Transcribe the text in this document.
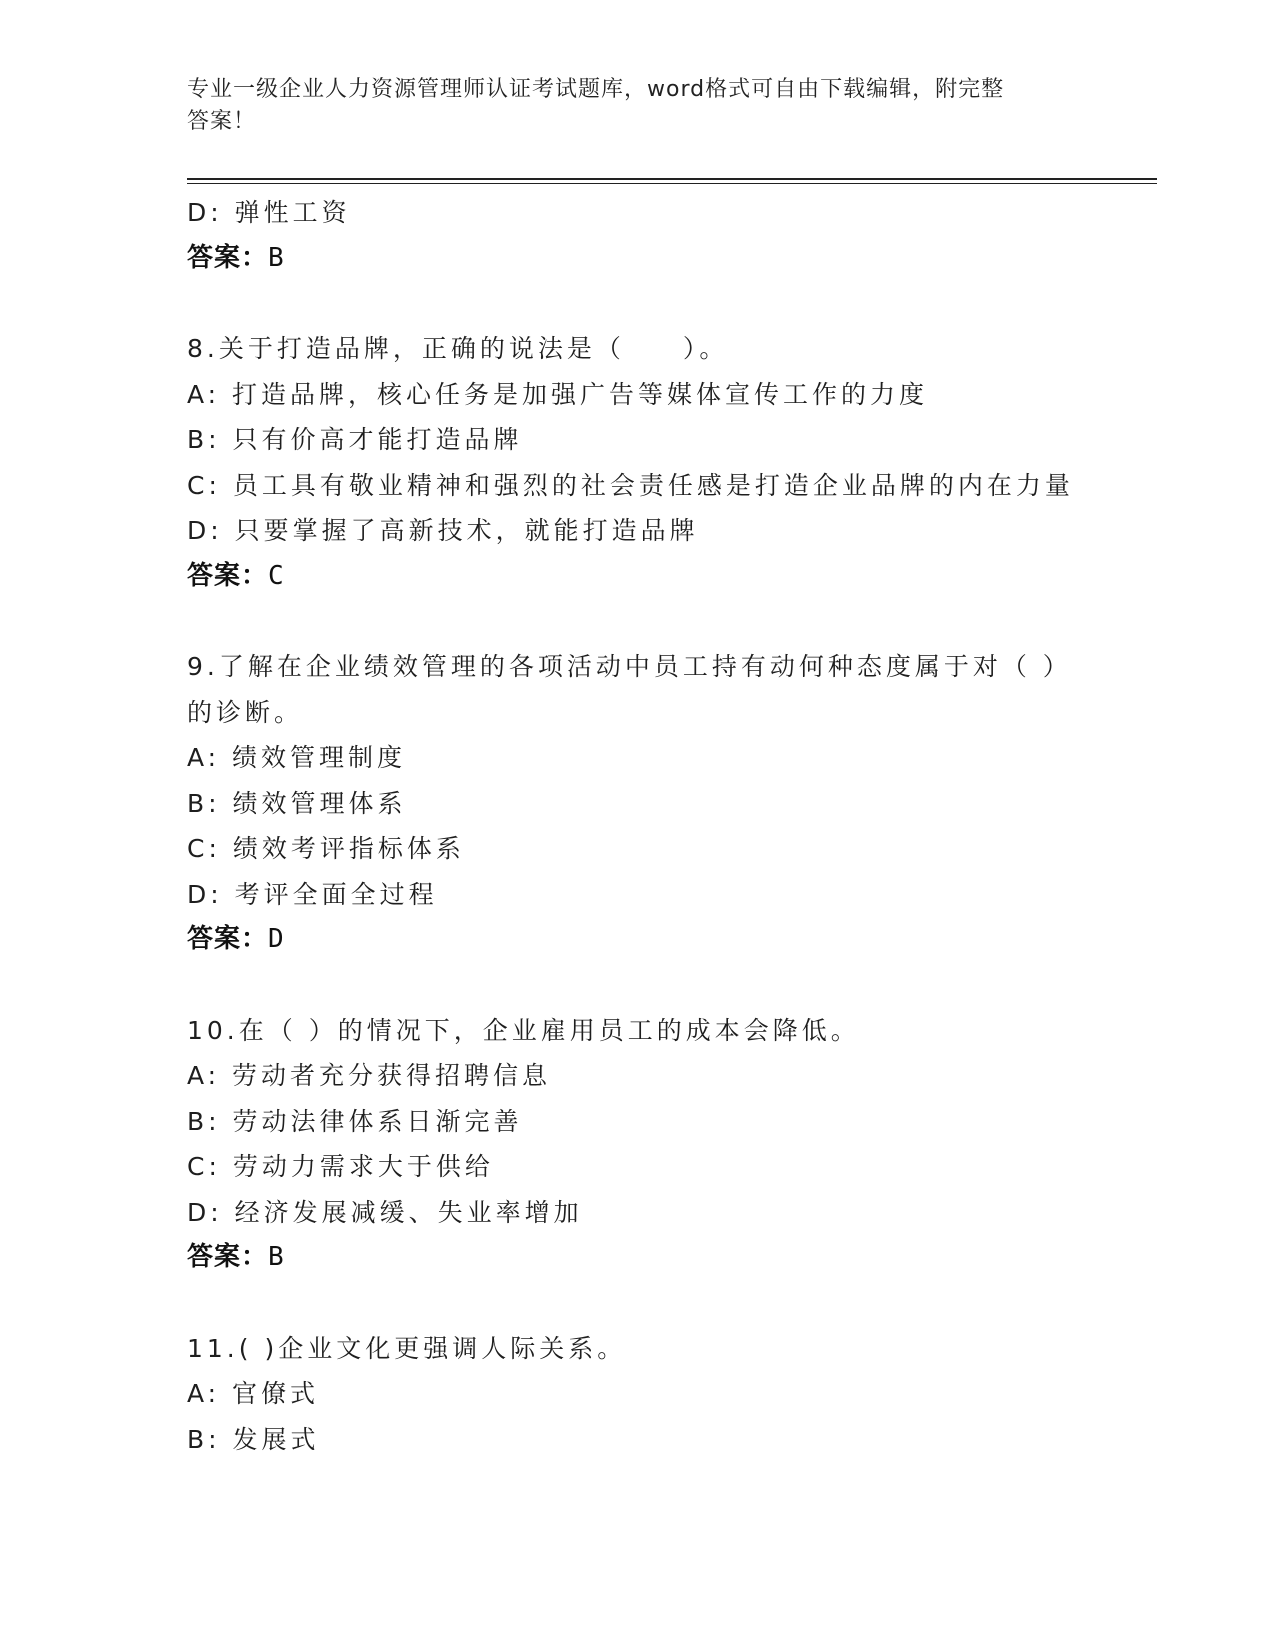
专业一级企业人力资源管理师认证考试题库，word格式可自由下载编辑，附完整
答案！
D: 弹性工资
答案：B
8.关于打造品牌，正确的说法是（　　）。
A: 打造品牌，核心任务是加强广告等媒体宣传工作的力度
B: 只有价高才能打造品牌
C: 员工具有敬业精神和强烈的社会责任感是打造企业品牌的内在力量
D: 只要掌握了高新技术，就能打造品牌
答案：C
9.了解在企业绩效管理的各项活动中员工持有动何种态度属于对（ ）
的诊断。
A: 绩效管理制度
B: 绩效管理体系
C: 绩效考评指标体系
D: 考评全面全过程
答案：D
10.在（ ）的情况下，企业雇用员工的成本会降低。
A: 劳动者充分获得招聘信息
B: 劳动法律体系日渐完善
C: 劳动力需求大于供给
D: 经济发展减缓、失业率增加
答案：B
11.( )企业文化更强调人际关系。
A: 官僚式
B: 发展式
